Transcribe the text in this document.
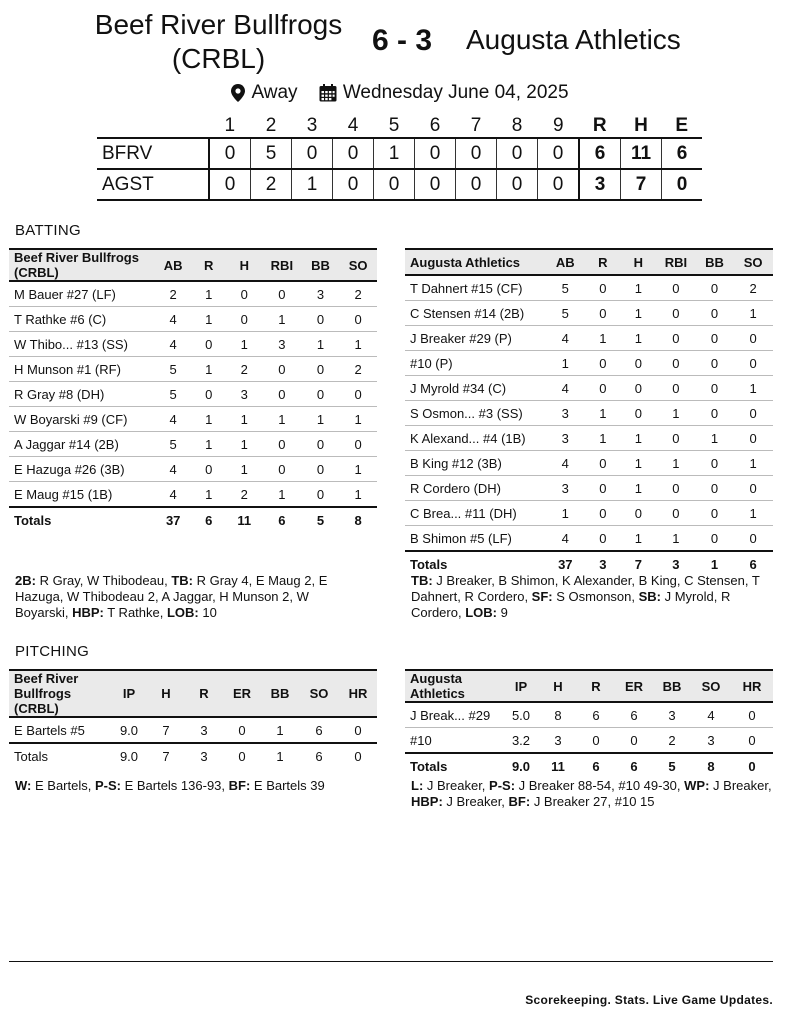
Beef River Bullfrogs
(CRBL)
6 - 3 Augusta Athletics
Away
Wednesday June 04, 2025
	1	2	3	4	5	6	7	8	9	R	H	E
BFRV	0	5	0	0	1	0	0	0	0	6	11	6
AGST	0	2	1	0	0	0	0	0	0	3	7	0
BATTING
Beef River Bullfrogs (CRBL)	AB	R	H	RBI	BB	SO
M Bauer #27 (LF)	2	1	0	0	3	2
T Rathke #6 (C)	4	1	0	1	0	0
W Thibo... #13 (SS)	4	0	1	3	1	1
H Munson #1 (RF)	5	1	2	0	0	2
R Gray #8 (DH)	5	0	3	0	0	0
W Boyarski #9 (CF)	4	1	1	1	1	1
A Jaggar #14 (2B)	5	1	1	0	0	0
E Hazuga #26 (3B)	4	0	1	0	0	1
E Maug #15 (1B)	4	1	2	1	0	1
Totals	37	6	11	6	5	8
Augusta Athletics	AB	R	H	RBI	BB	SO
T Dahnert #15 (CF)	5	0	1	0	0	2
C Stensen #14 (2B)	5	0	1	0	0	1
J Breaker #29 (P)	4	1	1	0	0	0
#10 (P)	1	0	0	0	0	0
J Myrold #34 (C)	4	0	0	0	0	1
S Osmon... #3 (SS)	3	1	0	1	0	0
K Alexand... #4 (1B)	3	1	1	0	1	0
B King #12 (3B)	4	0	1	1	0	1
R Cordero (DH)	3	0	1	0	0	0
C Brea... #11 (DH)	1	0	0	0	0	1
B Shimon #5 (LF)	4	0	1	1	0	0
Totals	37	3	7	3	1	6
2B: R Gray, W Thibodeau, TB: R Gray 4, E Maug 2, E Hazuga, W Thibodeau 2, A Jaggar, H Munson 2, W Boyarski, HBP: T Rathke, LOB: 10
TB: J Breaker, B Shimon, K Alexander, B King, C Stensen, T Dahnert, R Cordero, SF: S Osmonson, SB: J Myrold, R Cordero, LOB: 9
PITCHING
Beef River Bullfrogs (CRBL)	IP	H	R	ER	BB	SO	HR
E Bartels #5	9.0	7	3	0	1	6	0
Totals	9.0	7	3	0	1	6	0
Augusta Athletics	IP	H	R	ER	BB	SO	HR
J Break... #29	5.0	8	6	6	3	4	0
#10	3.2	3	0	0	2	3	0
Totals	9.0	11	6	6	5	8	0
W: E Bartels, P-S: E Bartels 136-93, BF: E Bartels 39	L: J Breaker, P-S: J Breaker 88-54, #10 49-30, WP: J Breaker, HBP: J Breaker, BF: J Breaker 27, #10 15
Scorekeeping. Stats. Live Game Updates.
